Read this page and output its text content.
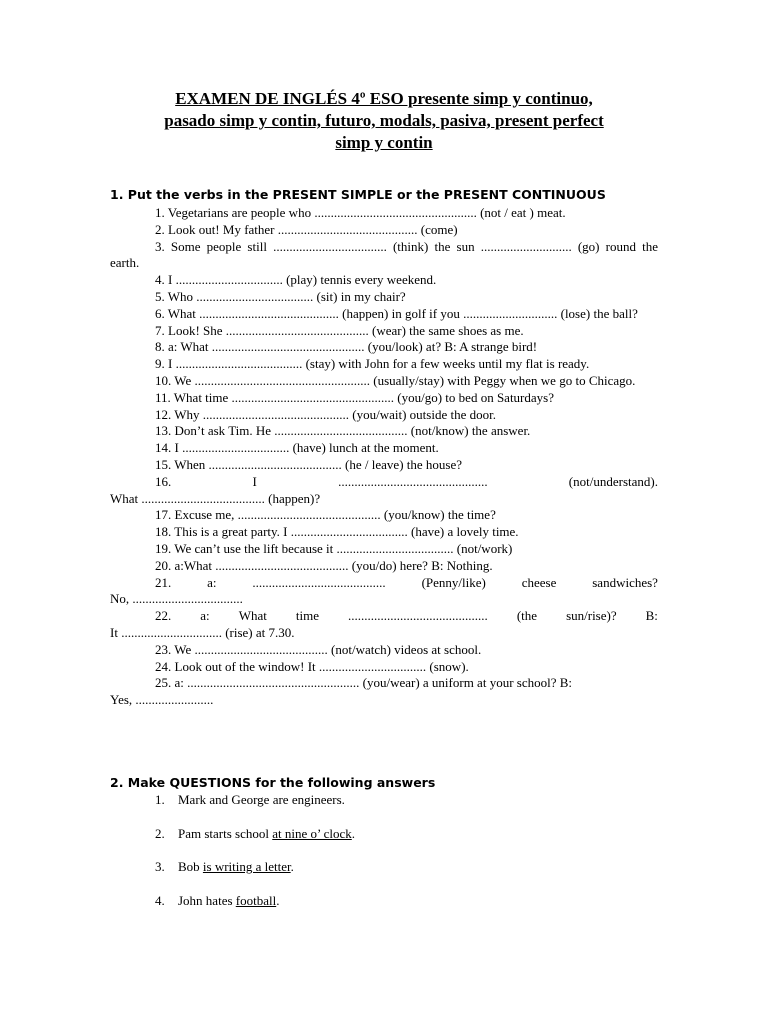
EXAMEN DE INGLÉS 4º ESO presente simp y continuo,
pasado simp y contin, futuro, modals, pasiva, present perfect
simp y contin
1. Put the verbs in the PRESENT SIMPLE or the PRESENT CONTINUOUS
1. Vegetarians are people who .................................................. (not / eat ) meat.
2. Look out! My father ........................................... (come)
3. Some people still ................................... (think) the sun ............................ (go) round the earth.
4. I ................................. (play) tennis every weekend.
5. Who .................................... (sit) in my chair?
6. What ........................................... (happen) in golf if you ............................. (lose) the ball?
7. Look! She ............................................ (wear) the same shoes as me.
8. a: What ............................................... (you/look) at? B: A strange bird!
9. I ....................................... (stay) with John for a few weeks until my flat is ready.
10. We ...................................................... (usually/stay) with Peggy when we go to Chicago.
11. What time .................................................. (you/go) to bed on Saturdays?
12. Why ............................................. (you/wait) outside the door.
13. Don’t ask Tim. He ......................................... (not/know) the answer.
14. I ................................. (have) lunch at the moment.
15. When ......................................... (he / leave) the house?
16.	I	..............................................	(not/understand).
What ...................................... (happen)?
17. Excuse me, ............................................ (you/know) the time?
18. This is a great party. I .................................... (have) a lovely time.
19. We can’t use the lift because it .................................... (not/work)
20. a:What ......................................... (you/do) here? B: Nothing.
21.	a:	.........................................	(Penny/like)	cheese	sandwiches?
No, ..................................
22. a: What time ........................................... (the sun/rise)? B:
It ............................... (rise) at 7.30.
23. We ......................................... (not/watch) videos at school.
24. Look out of the window! It ................................. (snow).
25. a: ..................................................... (you/wear) a uniform at your school? B:
Yes, ........................
2. Make QUESTIONS for the following answers
1.	Mark and George are engineers.
2.	Pam starts school at nine o’ clock.
3.	Bob is writing a letter.
4.	John hates football.
